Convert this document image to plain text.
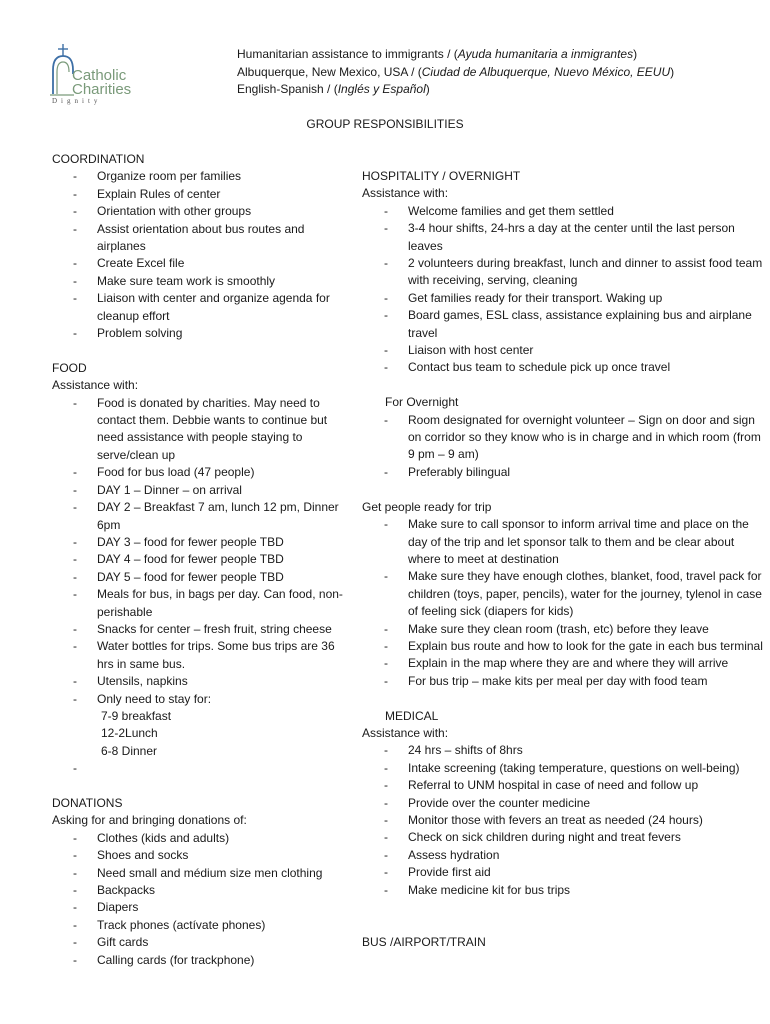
Catholic
Charities
Dignity
Humanitarian assistance to immigrants / (Ayuda humanitaria a inmigrantes)
Albuquerque, New Mexico, USA / (Ciudad de Albuquerque, Nuevo México, EEUU)
English-Spanish / (Inglés y Español)
GROUP RESPONSIBILITIES
COORDINATION
- Organize room per families
- Explain Rules of center
- Orientation with other groups
- Assist orientation about bus routes and airplanes
- Create Excel file
- Make sure team work is smoothly
- Liaison with center and organize agenda for cleanup effort
- Problem solving
FOOD
Assistance with:
- Food is donated by charities. May need to contact them. Debbie wants to continue but need assistance with people staying to serve/clean up
- Food for bus load (47 people)
- DAY 1 – Dinner – on arrival
- DAY 2 – Breakfast 7 am, lunch 12 pm, Dinner 6pm
- DAY 3 – food for fewer people TBD
- DAY 4 – food for fewer people TBD
- DAY 5 – food for fewer people TBD
- Meals for bus, in bags per day. Can food, non-perishable
- Snacks for center – fresh fruit, string cheese
- Water bottles for trips. Some bus trips are 36 hrs in same bus.
- Utensils, napkins
- Only need to stay for:
7-9 breakfast
12-2Lunch
6-8 Dinner
-
DONATIONS
Asking for and bringing donations of:
- Clothes (kids and adults)
- Shoes and socks
- Need small and médium size men clothing
- Backpacks
- Diapers
- Track phones (actívate phones)
- Gift cards
- Calling cards (for trackphone)
HOSPITALITY / OVERNIGHT
Assistance with:
- Welcome families and get them settled
- 3-4 hour shifts, 24-hrs a day at the center until the last person leaves
- 2 volunteers during breakfast, lunch and dinner to assist food team with receiving, serving, cleaning
- Get families ready for their transport. Waking up
- Board games, ESL class, assistance explaining bus and airplane travel
- Liaison with host center
- Contact bus team to schedule pick up once travel
For Overnight
- Room designated for overnight volunteer – Sign on door and sign on corridor so they know who is in charge and in which room (from 9 pm – 9 am)
- Preferably bilingual
Get people ready for trip
- Make sure to call sponsor to inform arrival time and place on the day of the trip and let sponsor talk to them and be clear about where to meet at destination
- Make sure they have enough clothes, blanket, food, travel pack for children (toys, paper, pencils), water for the journey, tylenol in case of feeling sick (diapers for kids)
- Make sure they clean room (trash, etc) before they leave
- Explain bus route and how to look for the gate in each bus terminal
- Explain in the map where they are and where they will arrive
- For bus trip – make kits per meal per day with food team
MEDICAL
Assistance with:
- 24 hrs – shifts of 8hrs
- Intake screening (taking temperature, questions on well-being)
- Referral to UNM hospital in case of need and follow up
- Provide over the counter medicine
- Monitor those with fevers an treat as needed (24 hours)
- Check on sick children during night and treat fevers
- Assess hydration
- Provide first aid
- Make medicine kit for bus trips
BUS /AIRPORT/TRAIN
